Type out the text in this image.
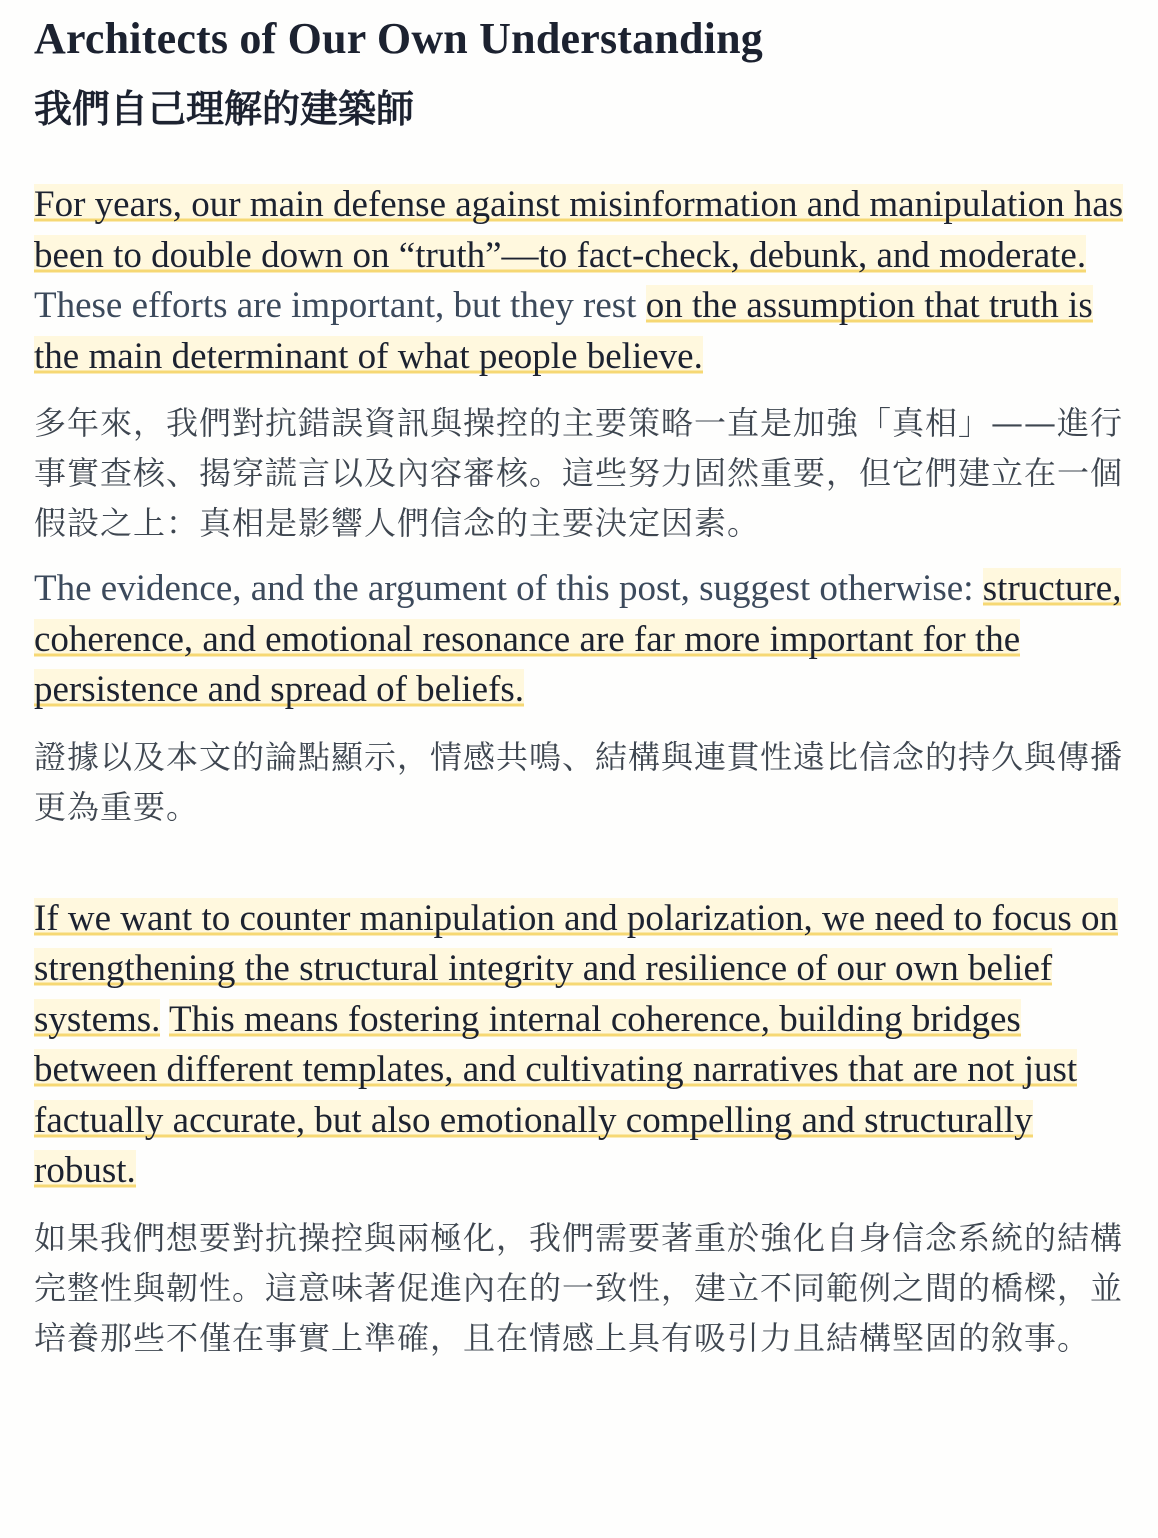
Architects of Our Own Understanding
我們自己理解的建築師

For years, our main defense against misinformation and manipulation has been to double down on “truth”—to fact-check, debunk, and moderate. These efforts are important, but they rest on the assumption that truth is the main determinant of what people believe.

多年來，我們對抗錯誤資訊與操控的主要策略一直是加強「真相」——進行事實查核、揭穿謊言以及內容審核。這些努力固然重要，但它們建立在一個假設之上：真相是影響人們信念的主要決定因素。

The evidence, and the argument of this post, suggest otherwise: structure, coherence, and emotional resonance are far more important for the persistence and spread of beliefs.

證據以及本文的論點顯示，情感共鳴、結構與連貫性遠比信念的持久與傳播更為重要。

If we want to counter manipulation and polarization, we need to focus on strengthening the structural integrity and resilience of our own belief systems. This means fostering internal coherence, building bridges between different templates, and cultivating narratives that are not just factually accurate, but also emotionally compelling and structurally robust.

如果我們想要對抗操控與兩極化，我們需要著重於強化自身信念系統的結構完整性與韌性。這意味著促進內在的一致性，建立不同範例之間的橋樑，並培養那些不僅在事實上準確，且在情感上具有吸引力且結構堅固的敘事。
